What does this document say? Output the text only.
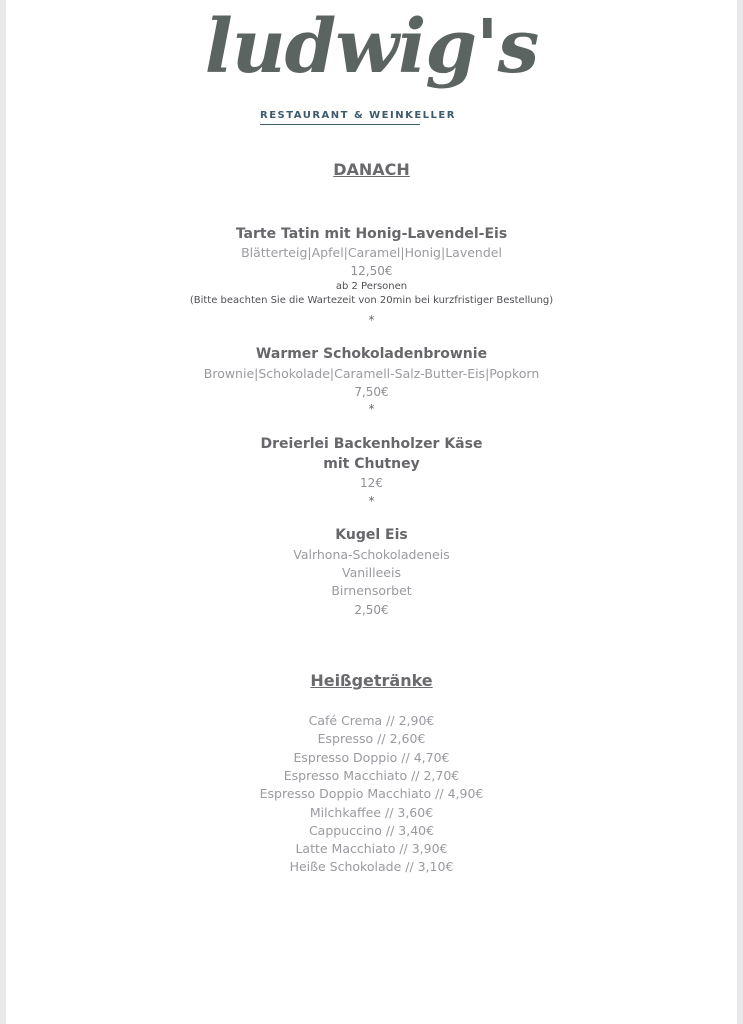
ludwig's
RESTAURANT & WEINKELLER
DANACH
Tarte Tatin mit Honig-Lavendel-Eis
Blätterteig|Apfel|Caramel|Honig|Lavendel
12,50€
ab 2 Personen
(Bitte beachten Sie die Wartezeit von 20min bei kurzfristiger Bestellung)
*
Warmer Schokoladenbrownie
Brownie|Schokolade|Caramell-Salz-Butter-Eis|Popkorn
7,50€
*
Dreierlei Backenholzer Käse
mit Chutney
12€
*
Kugel Eis
Valrhona-Schokoladeneis
Vanilleeis
Birnensorbet
2,50€
Heißgetränke
Café Crema // 2,90€
Espresso // 2,60€
Espresso Doppio // 4,70€
Espresso Macchiato // 2,70€
Espresso Doppio Macchiato // 4,90€
Milchkaffee // 3,60€
Cappuccino // 3,40€
Latte Macchiato // 3,90€
Heiße Schokolade // 3,10€
